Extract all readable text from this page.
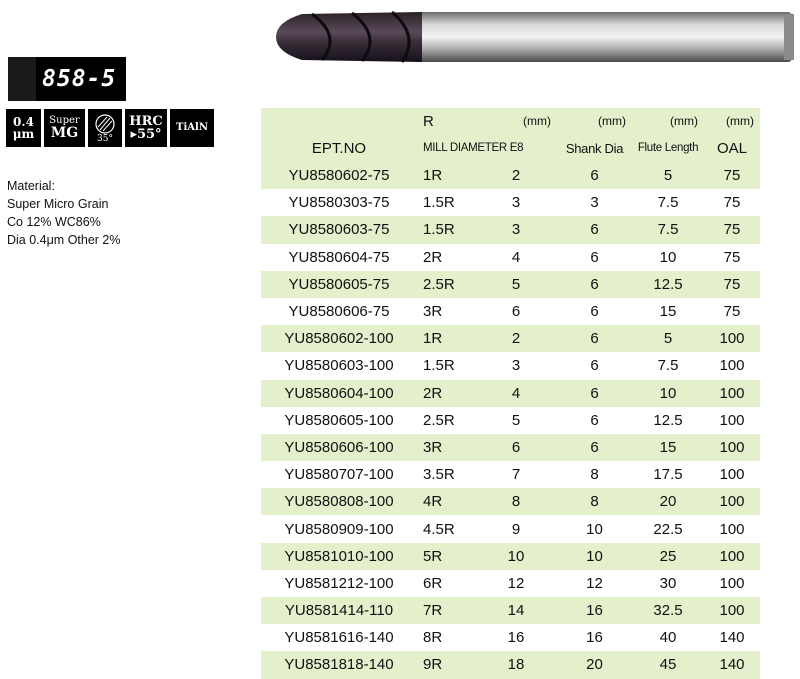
858-5
0.4
μm
Super
MG 35°
HRC
▸55° TiAlN
Material:
Super Micro Grain
Co 12% WC86%
Dia 0.4μm Other 2%
	R	(mm)	(mm)	(mm)	(mm)
EPT.NO	MILL DIAMETER E8		Shank Dia	Flute Length	OAL
YU8580602-75	1R	2	6	5	75
YU8580303-75	1.5R	3	3	7.5	75
YU8580603-75	1.5R	3	6	7.5	75
YU8580604-75	2R	4	6	10	75
YU8580605-75	2.5R	5	6	12.5	75
YU8580606-75	3R	6	6	15	75
YU8580602-100	1R	2	6	5	100
YU8580603-100	1.5R	3	6	7.5	100
YU8580604-100	2R	4	6	10	100
YU8580605-100	2.5R	5	6	12.5	100
YU8580606-100	3R	6	6	15	100
YU8580707-100	3.5R	7	8	17.5	100
YU8580808-100	4R	8	8	20	100
YU8580909-100	4.5R	9	10	22.5	100
YU8581010-100	5R	10	10	25	100
YU8581212-100	6R	12	12	30	100
YU8581414-110	7R	14	16	32.5	100
YU8581616-140	8R	16	16	40	140
YU8581818-140	9R	18	20	45	140
